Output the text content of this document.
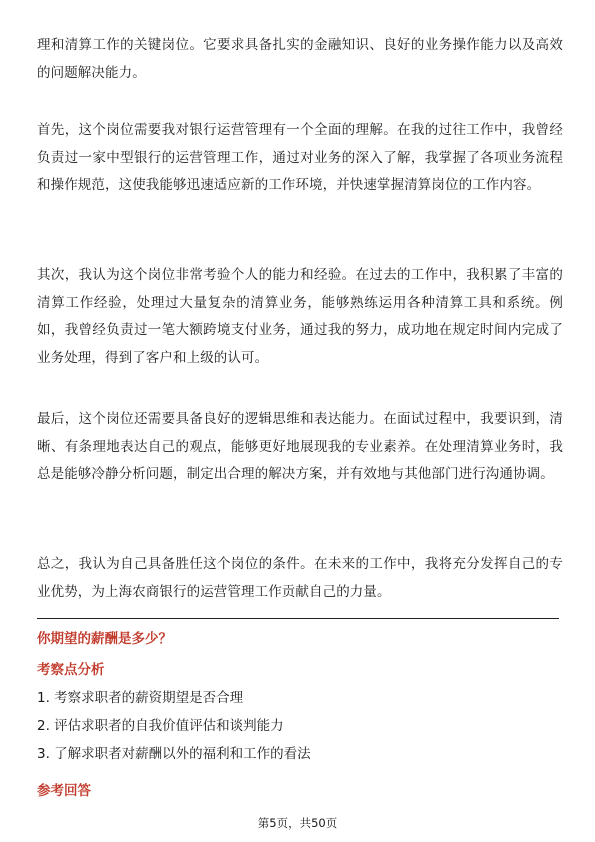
理和清算工作的关键岗位。它要求具备扎实的金融知识、良好的业务操作能力以及高效的问题解决能力。

首先，这个岗位需要我对银行运营管理有一个全面的理解。在我的过往工作中，我曾经负责过一家中型银行的运营管理工作，通过对业务的深入了解，我掌握了各项业务流程和操作规范，这使我能够迅速适应新的工作环境，并快速掌握清算岗位的工作内容。

其次，我认为这个岗位非常考验个人的能力和经验。在过去的工作中，我积累了丰富的清算工作经验，处理过大量复杂的清算业务，能够熟练运用各种清算工具和系统。例如，我曾经负责过一笔大额跨境支付业务，通过我的努力，成功地在规定时间内完成了业务处理，得到了客户和上级的认可。

最后，这个岗位还需要具备良好的逻辑思维和表达能力。在面试过程中，我要识到，清晰、有条理地表达自己的观点，能够更好地展现我的专业素养。在处理清算业务时，我总是能够冷静分析问题，制定出合理的解决方案，并有效地与其他部门进行沟通协调。

总之，我认为自己具备胜任这个岗位的条件。在未来的工作中，我将充分发挥自己的专业优势，为上海农商银行的运营管理工作贡献自己的力量。

你期望的薪酬是多少？

考察点分析

1. 考察求职者的薪资期望是否合理

2. 评估求职者的自我价值评估和谈判能力

3. 了解求职者对薪酬以外的福利和工作的看法

参考回答

第5页，共50页
